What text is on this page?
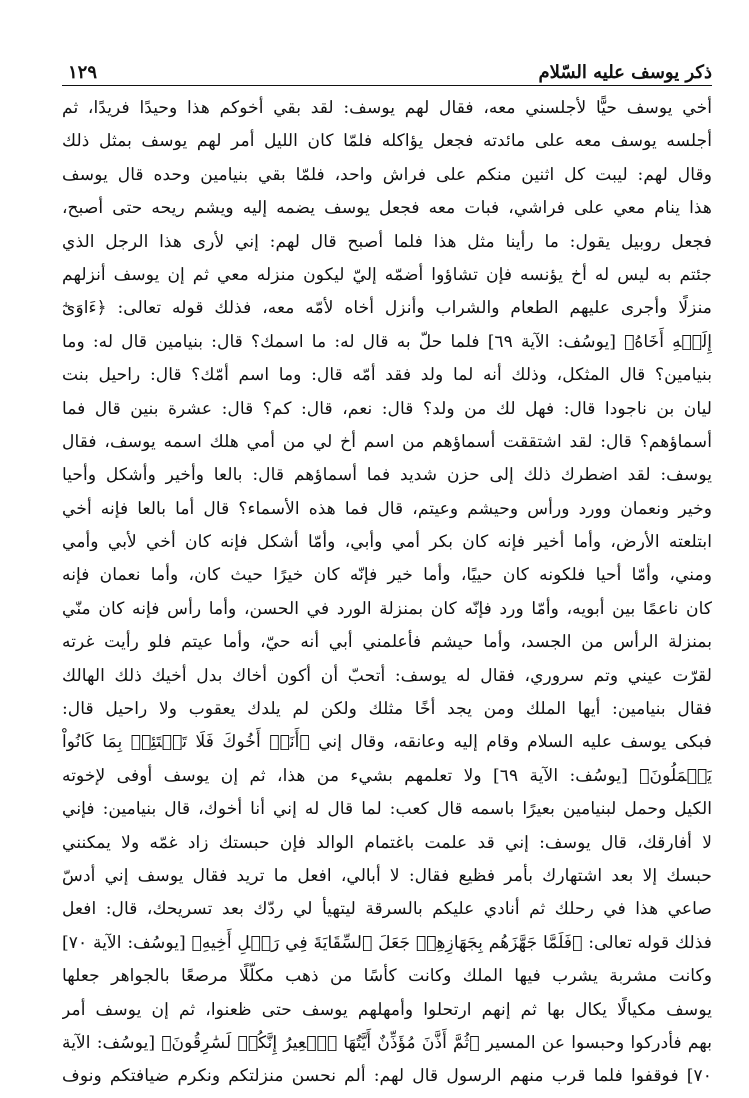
ذكر يوسف عليه السّلام
١٢٩
أخي يوسف حيًّا لأجلسني معه، فقال لهم يوسف: لقد بقي أخوكم هذا وحيدًا فريدًا، ثم
أجلسه يوسف معه على مائدته فجعل يؤاكله فلمّا كان الليل أمر لهم يوسف بمثل ذلك
وقال لهم: ليبت كل اثنين منكم على فراش واحد، فلمّا بقي بنيامين وحده قال يوسف
هذا ينام معي على فراشي، فبات معه فجعل يوسف يضمه إليه ويشم ريحه حتى أصبح،
فجعل روبيل يقول: ما رأينا مثل هذا فلما أصبح قال لهم: إني لأرى هذا الرجل الذي
جئتم به ليس له أخ يؤنسه فإن تشاؤوا أضمّه إليّ ليكون منزله معي ثم إن يوسف أنزلهم
منزلًا وأجرى عليهم الطعام والشراب وأنزل أخاه لأمّه معه، فذلك قوله تعالى: ﴿ءَاوَىٰٓ
إِلَيۡهِ أَخَاهُ﴾ [يوسُف: الآية ٦٩] فلما حلّ به قال له: ما اسمك؟ قال: بنيامين قال له: وما
بنيامين؟ قال المثكل، وذلك أنه لما ولد فقد أمّه قال: وما اسم أمّك؟ قال: راحيل بنت
ليان بن ناجودا قال: فهل لك من ولد؟ قال: نعم، قال: كم؟ قال: عشرة بنين قال فما
أسماؤهم؟ قال: لقد اشتققت أسماؤهم من اسم أخ لي من أمي هلك اسمه يوسف، فقال
يوسف: لقد اضطرك ذلك إلى حزن شديد فما أسماؤهم قال: بالعا وأخير وأشكل وأحيا
وخير ونعمان وورد ورأس وحيشم وعيتم، قال فما هذه الأسماء؟ قال أما بالعا فإنه أخي
ابتلعته الأرض، وأما أخير فإنه كان بكر أمي وأبي، وأمّا أشكل فإنه كان أخي لأبي وأمي
ومني، وأمّا أحيا فلكونه كان حييًا، وأما خير فإنّه كان خيرًا حيث كان، وأما نعمان فإنه
كان ناعمًا بين أبويه، وأمّا ورد فإنّه كان بمنزلة الورد في الحسن، وأما رأس فإنه كان منّي
بمنزلة الرأس من الجسد، وأما حيشم فأعلمني أبي أنه حيّ، وأما عيتم فلو رأيت غرته
لقرّت عيني وتم سروري، فقال له يوسف: أتحبّ أن أكون أخاك بدل أخيك ذلك الهالك
فقال بنيامين: أيها الملك ومن يجد أخًا مثلك ولكن لم يلدك يعقوب ولا راحيل قال:
فبكى يوسف عليه السلام وقام إليه وعانقه، وقال إني ﴿أَنَا۠ أَخُوكَ فَلَا تَبۡتَئِسۡ بِمَا كَانُواْ
يَعۡمَلُونَ﴾ [يوسُف: الآية ٦٩] ولا تعلمهم بشيء من هذا، ثم إن يوسف أوفى لإخوته
الكيل وحمل لبنيامين بعيرًا باسمه قال كعب: لما قال له إني أنا أخوك، قال بنيامين: فإني
لا أفارقك، قال يوسف: إني قد علمت باغتمام الوالد فإن حبستك زاد غمّه ولا يمكنني
حبسك إلا بعد اشتهارك بأمر فظيع فقال: لا أبالي، افعل ما تريد فقال يوسف إني أدسّ
صاعي هذا في رحلك ثم أنادي عليكم بالسرقة ليتهيأ لي ردّك بعد تسريحك، قال: افعل
فذلك قوله تعالى: ﴿فَلَمَّا جَهَّزَهُم بِجَهَازِهِمۡ جَعَلَ ٱلسِّقَايَةَ فِي رَحۡلِ أَخِيهِ﴾ [يوسُف: الآية ٧٠]
وكانت مشربة يشرب فيها الملك وكانت كأسًا من ذهب مكلّلًا مرصعًا بالجواهر جعلها
يوسف مكيالًا يكال بها ثم إنهم ارتحلوا وأمهلهم يوسف حتى ظعنوا، ثم إن يوسف أمر
بهم فأدركوا وحبسوا عن المسير ﴿ثُمَّ أَذَّنَ مُؤَذِّنٌ أَيَّتُهَا ٱلۡعِيرُ إِنَّكُمۡ لَسَٰرِقُونَ﴾ [يوسُف: الآية
٧٠] فوقفوا فلما قرب منهم الرسول قال لهم: ألم نحسن منزلتكم ونكرم ضيافتكم ونوف
